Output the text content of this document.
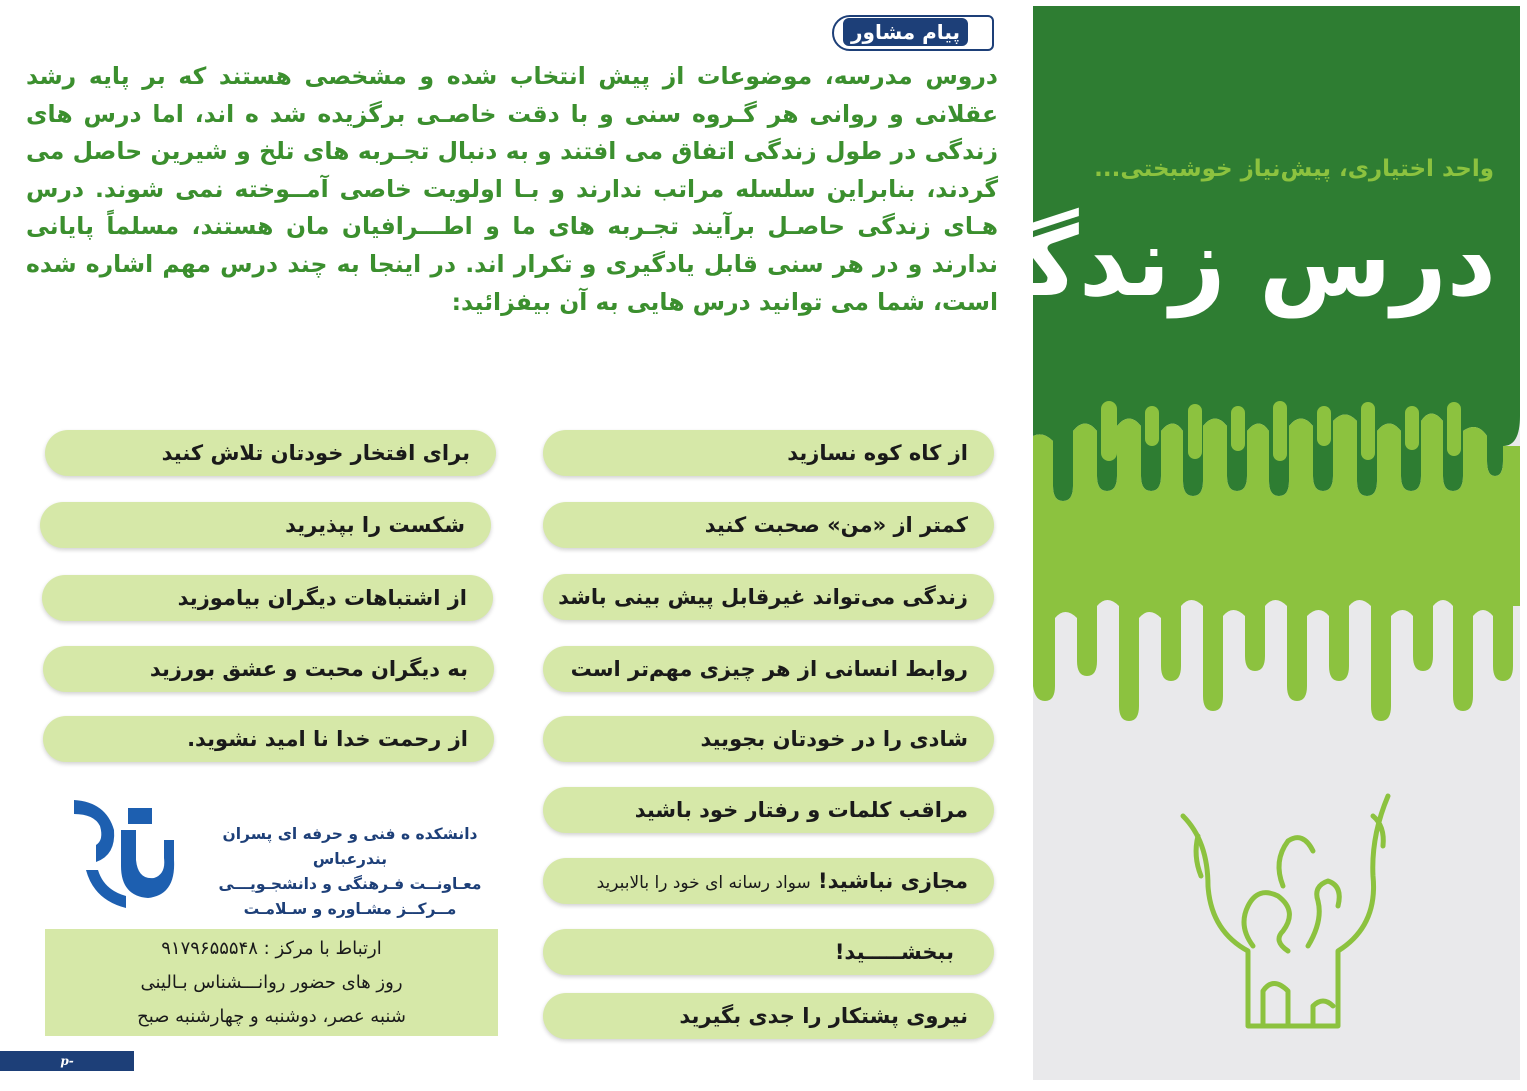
واحد اختیاری، پیش‌نیاز خوشبختی...
درس زندگی
پیام مشاور
دروس مدرسه، موضوعات از پیش انتخاب شده و مشخصی هستند که بر پایه رشد عقلانی و روانی هر گـروه سنی و با دقت خاصـی برگزیده شد ه اند، اما درس های زندگی در طول زندگی اتفاق می افتند و به دنبال تجـربه های تلخ و شیرین حاصل می گردند، بنابراین سلسله مراتب ندارند و بـا اولویت خاصی آمــوخته نمی شوند. درس هـای زندگی حاصـل برآیند تجـربه های ما و اطـــرافیان مان هستند، مسلماً پایانی ندارند و در هر سنی قابل یادگیری و تکرار اند. در اینجا به چند درس مهم اشاره شده است، شما می توانید درس هایی به آن بیفزائید:
از کاه کوه نسازید
کمتر از «من» صحبت کنید
زندگی می‌تواند غیرقابل پیش بینی باشد
روابط انسانی از هر چیزی مهم‌تر است
شادی را در خودتان بجویید
مراقب کلمات و رفتار خود باشید
مجازی نباشید! سواد رسانه ای خود را بالاببرید
ببخشـــــید!
نیروی پشتکار را جدی بگیرید
برای افتخار خودتان تلاش کنید
شکست را بپذیرید
از اشتباهات دیگران بیاموزید
به دیگران محبت و عشق بورزید
از رحمت خدا نا امید نشوید.
دانشکده ه فنی و حرفه ای پسران بندرعباس
معـاونــت فـرهنگی و دانشجـویـــی
مــرکــز مشـاوره و سـلامـت
ارتباط با مرکز : ۹۱۷۹۶۵۵۵۴۸
روز های حضور روانـــشناس بـالینی
شنبه عصر، دوشنبه و چهارشنبه صبح
p-bandarabas.nus.ac.ir
